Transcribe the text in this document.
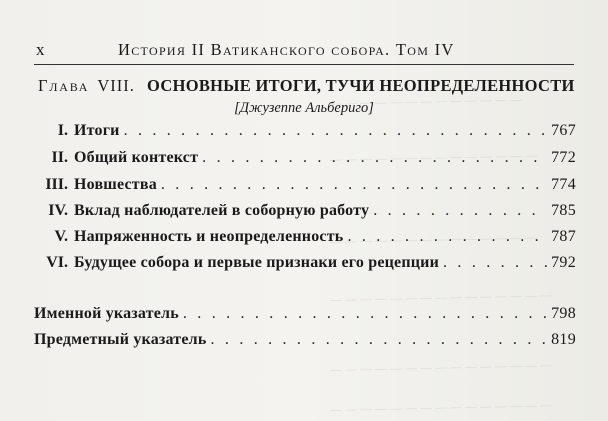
— — — — — — — — — — — — —
— — — — — — — — — — — — — —
— — — — — — — — — — — — — —
— — — — — — — — — — — — — — —
— — — — — — — — — — — — — — —
— — — — — — — — — — — — — — —
x	История II Ватиканского собора. Том IV
Глава VIII. ОСНОВНЫЕ ИТОГИ, ТУЧИ НЕОПРЕДЕЛЕННОСТИ
[Джузеппе Альбериго]
I. Итоги . . .	767
II. Общий контекст . . .	772
III. Новшества . . .	774
IV. Вклад наблюдателей в соборную работу . . .	785
V. Напряженность и неопределенность . . .	787
VI. Будущее собора и первые признаки его рецепции . . .	792
Именной указатель . . .	798
Предметный указатель . . .	819
